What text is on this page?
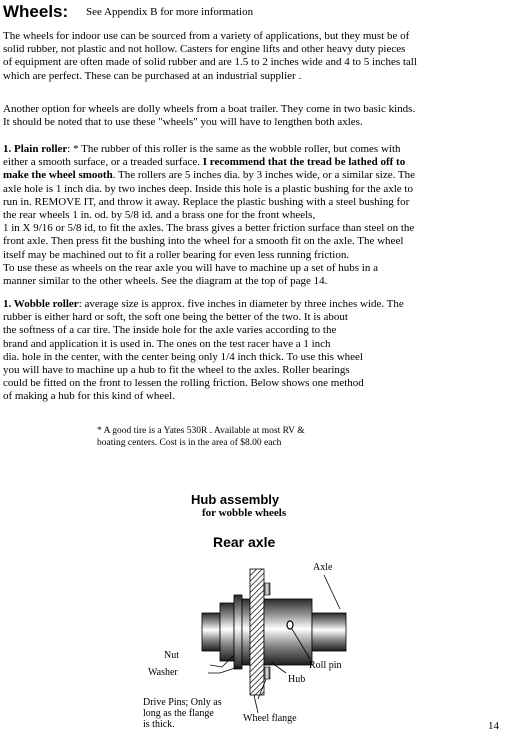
Wheels: See Appendix B for more information

The wheels for indoor use can be sourced from a variety of applications, but they must be of
solid rubber, not plastic and not hollow. Casters for engine lifts and other heavy duty pieces
of equipment are often made of solid rubber and are 1.5 to 2 inches wide and 4 to 5 inches tall
which are perfect. These can be purchased at an industrial supplier .

Another option for wheels are dolly wheels from a boat trailer. They come in two basic kinds.
It should be noted that to use these "wheels" you will have to lengthen both axles.

1. Plain roller: * The rubber of this roller is the same as the wobble roller, but comes with
either a smooth surface, or a treaded surface. I recommend that the tread be lathed off to
make the wheel smooth. The rollers are 5 inches dia. by 3 inches wide, or a similar size. The
axle hole is 1 inch dia. by two inches deep. Inside this hole is a plastic bushing for the axle to
run in. REMOVE IT, and throw it away. Replace the plastic bushing with a steel bushing for
the rear wheels 1 in. od. by 5/8 id. and a brass one for the front wheels,
1 in X 9/16 or 5/8 id, to fit the axles. The brass gives a better friction surface than steel on the
front axle. Then press fit the bushing into the wheel for a smooth fit on the axle. The wheel
itself may be machined out to fit a roller bearing for even less running friction.
To use these as wheels on the rear axle you will have to machine up a set of hubs in a
manner similar to the other wheels. See the diagram at the top of page 14.

1. Wobble roller: average size is approx. five inches in diameter by three inches wide. The
rubber is either hard or soft, the soft one being the better of the two. It is about
the softness of a car tire. The inside hole for the axle varies according to the
brand and application it is used in. The ones on the test racer have a 1 inch
dia. hole in the center, with the center being only 1/4 inch thick. To use this wheel
you will have to machine up a hub to fit the wheel to the axles. Roller bearings
could be fitted on the front to lessen the rolling friction. Below shows one method
of making a hub for this kind of wheel.

* A good tire is a Yates 530R . Available at most RV &
boating centers. Cost is in the area of $8.00 each

Hub assembly
for wobble wheels
Rear axle
Axle
Nut
Washer
Roll pin
Hub
Drive Pins; Only as
long as the flange
is thick.
Wheel flange
14
